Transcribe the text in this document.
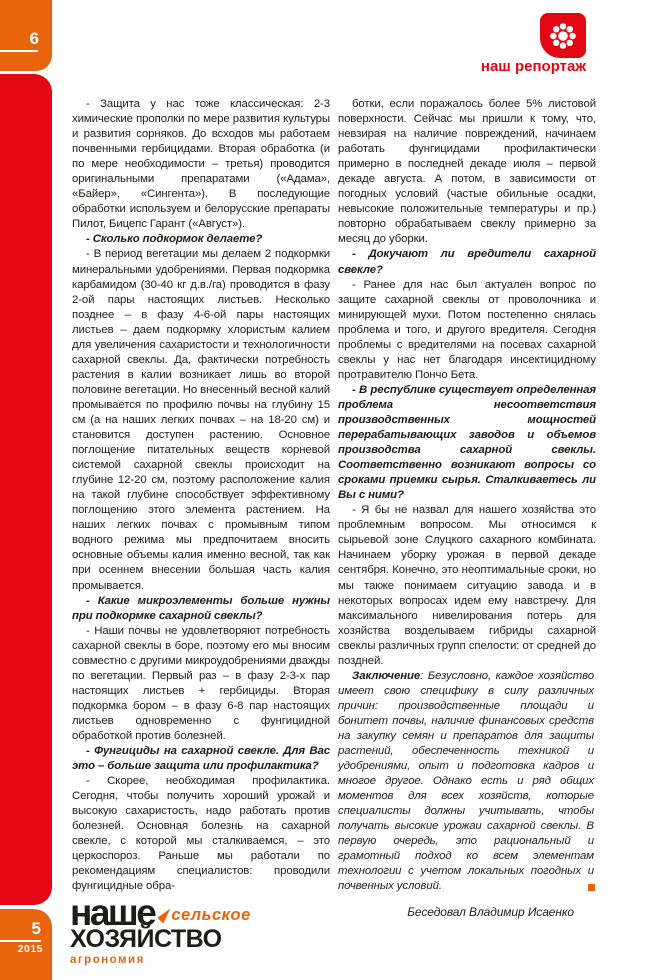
6
5
2015
наш репортаж

- Защита у нас тоже классическая: 2-3 химические прополки по мере развития культуры и развития сорняков. До всходов мы работаем почвенными гербицидами. Вторая обработка (и по мере необходимости – третья) проводится оригинальными препаратами («Адама», «Байер», «Сингента»). В последующие обработки используем и белорусские препараты Пилот, Бицепс Гарант («Август»).

- Сколько подкормок делаете?

- В период вегетации мы делаем 2 подкормки минеральными удобрениями. Первая подкормка карбамидом (30-40 кг д.в./га) проводится в фазу 2-ой пары настоящих листьев. Несколько позднее – в фазу 4-6-ой пары настоящих листьев – даем подкормку хлористым калием для увеличения сахаристости и технологичности сахарной свеклы. Да, фактически потребность растения в калии возникает лишь во второй половине вегетации. Но внесенный весной калий промывается по профилю почвы на глубину 15 см (а на наших легких почвах – на 18-20 см) и становится доступен растению. Основное поглощение питательных веществ корневой системой сахарной свеклы происходит на глубине 12-20 см, поэтому расположение калия на такой глубине способствует эффективному поглощению этого элемента растением. На наших легких почвах с промывным типом водного режима мы предпочитаем вносить основные объемы калия именно весной, так как при осеннем внесении большая часть калия промывается.

- Какие микроэлементы больше нужны при подкормке сахарной свеклы?

- Наши почвы не удовлетворяют потребность сахарной свеклы в боре, поэтому его мы вносим совместно с другими микроудобрениями дважды по вегетации. Первый раз – в фазу 2-3-х пар настоящих листьев + гербициды. Вторая подкормка бором – в фазу 6-8 пар настоящих листьев одновременно с фунгицидной обработкой против болезней.

- Фунгициды на сахарной свекле. Для Вас это – больше защита или профилактика?

- Скорее, необходимая профилактика. Сегодня, чтобы получить хороший урожай и высокую сахаристость, надо работать против болезней. Основная болезнь на сахарной свекле, с которой мы сталкиваемся, – это церкоспороз. Раньше мы работали по рекомендациям специалистов: проводили фунгицидные обра-

ботки, если поражалось более 5% листовой поверхности. Сейчас мы пришли к тому, что, невзирая на наличие повреждений, начинаем работать фунгицидами профилактически примерно в последней декаде июля – первой декаде августа. А потом, в зависимости от погодных условий (частые обильные осадки, невысокие положительные температуры и пр.) повторно обрабатываем свеклу примерно за месяц до уборки.

- Докучают ли вредители сахарной свекле?

- Ранее для нас был актуален вопрос по защите сахарной свеклы от проволочника и минирующей мухи. Потом постепенно снялась проблема и того, и другого вредителя. Сегодня проблемы с вредителями на посевах сахарной свеклы у нас нет благодаря инсектицидному протравителю Пончо Бета.

- В республике существует определенная проблема несоответствия производственных мощностей перерабатывающих заводов и объемов производства сахарной свеклы. Соответственно возникают вопросы со сроками приемки сырья. Сталкиваетесь ли Вы с ними?

- Я бы не назвал для нашего хозяйства это проблемным вопросом. Мы относимся к сырьевой зоне Слуцкого сахарного комбината. Начинаем уборку урожая в первой декаде сентября. Конечно, это неоптимальные сроки, но мы также понимаем ситуацию завода и в некоторых вопросах идем ему навстречу. Для максимального нивелирования потерь для хозяйства возделываем гибриды сахарной свеклы различных групп спелости: от средней до поздней.

Заключение: Безусловно, каждое хозяйство имеет свою специфику в силу различных причин: производственные площади и бонитет почвы, наличие финансовых средств на закупку семян и препаратов для защиты растений, обеспеченность техникой и удобрениями, опыт и подготовка кадров и многое другое. Однако есть и ряд общих моментов для всех хозяйств, которые специалисты должны учитывать, чтобы получать высокие урожаи сахарной свеклы. В первую очередь, это рациональный и грамотный подход ко всем элементам технологии с учетом локальных погодных и почвенных условий.

Беседовал Владимир Исаенко
наше сельское
ХОЗЯЙСТВО
агрономия
